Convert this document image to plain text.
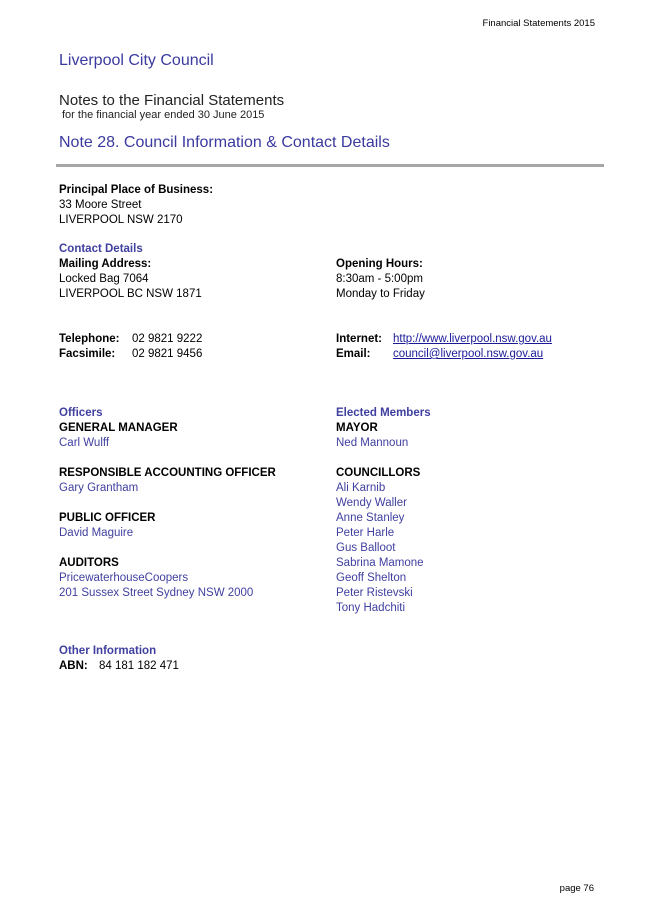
Financial Statements 2015
Liverpool City Council
Notes to the Financial Statements
for the financial year ended 30 June 2015
Note 28. Council Information & Contact Details
Principal Place of Business:
33 Moore Street
LIVERPOOL NSW 2170
Contact Details
Mailing Address:
Locked Bag 7064
LIVERPOOL BC NSW 1871
Opening Hours:
8:30am - 5:00pm
Monday to Friday
Telephone: 02 9821 9222
Facsimile: 02 9821 9456
Internet: http://www.liverpool.nsw.gov.au
Email: council@liverpool.nsw.gov.au
Officers
GENERAL MANAGER
Carl Wulff
RESPONSIBLE ACCOUNTING OFFICER
Gary Grantham
PUBLIC OFFICER
David Maguire
AUDITORS
PricewaterhouseCoopers
201 Sussex Street Sydney NSW 2000
Elected Members
MAYOR
Ned Mannoun
COUNCILLORS
Ali Karnib
Wendy Waller
Anne Stanley
Peter Harle
Gus Balloot
Sabrina Mamone
Geoff Shelton
Peter Ristevski
Tony Hadchiti
Other Information
ABN: 84 181 182 471
page 76
